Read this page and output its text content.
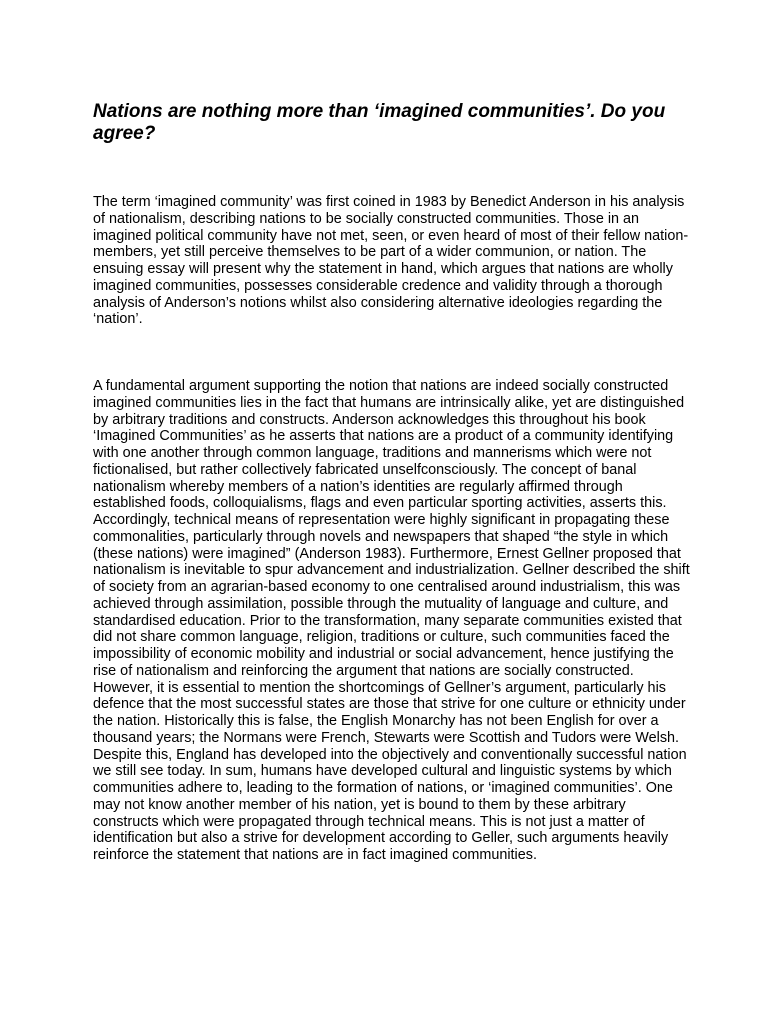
Nations are nothing more than ‘imagined communities’. Do you agree?

The term ‘imagined community’ was first coined in 1983 by Benedict Anderson in his analysis of nationalism, describing nations to be socially constructed communities. Those in an imagined political community have not met, seen, or even heard of most of their fellow nation-members, yet still perceive themselves to be part of a wider communion, or nation. The ensuing essay will present why the statement in hand, which argues that nations are wholly imagined communities, possesses considerable credence and validity through a thorough analysis of Anderson’s notions whilst also considering alternative ideologies regarding the ‘nation’.

A fundamental argument supporting the notion that nations are indeed socially constructed imagined communities lies in the fact that humans are intrinsically alike, yet are distinguished by arbitrary traditions and constructs. Anderson acknowledges this throughout his book ‘Imagined Communities’ as he asserts that nations are a product of a community identifying with one another through common language, traditions and mannerisms which were not fictionalised, but rather collectively fabricated unselfconsciously. The concept of banal nationalism whereby members of a nation’s identities are regularly affirmed through established foods, colloquialisms, flags and even particular sporting activities, asserts this. Accordingly, technical means of representation were highly significant in propagating these commonalities, particularly through novels and newspapers that shaped “the style in which (these nations) were imagined” (Anderson 1983). Furthermore, Ernest Gellner proposed that nationalism is inevitable to spur advancement and industrialization. Gellner described the shift of society from an agrarian-based economy to one centralised around industrialism, this was achieved through assimilation, possible through the mutuality of language and culture, and standardised education. Prior to the transformation, many separate communities existed that did not share common language, religion, traditions or culture, such communities faced the impossibility of economic mobility and industrial or social advancement, hence justifying the rise of nationalism and reinforcing the argument that nations are socially constructed. However, it is essential to mention the shortcomings of Gellner’s argument, particularly his defence that the most successful states are those that strive for one culture or ethnicity under the nation. Historically this is false, the English Monarchy has not been English for over a thousand years; the Normans were French, Stewarts were Scottish and Tudors were Welsh. Despite this, England has developed into the objectively and conventionally successful nation we still see today. In sum, humans have developed cultural and linguistic systems by which communities adhere to, leading to the formation of nations, or ‘imagined communities’. One may not know another member of his nation, yet is bound to them by these arbitrary constructs which were propagated through technical means. This is not just a matter of identification but also a strive for development according to Geller, such arguments heavily reinforce the statement that nations are in fact imagined communities.
